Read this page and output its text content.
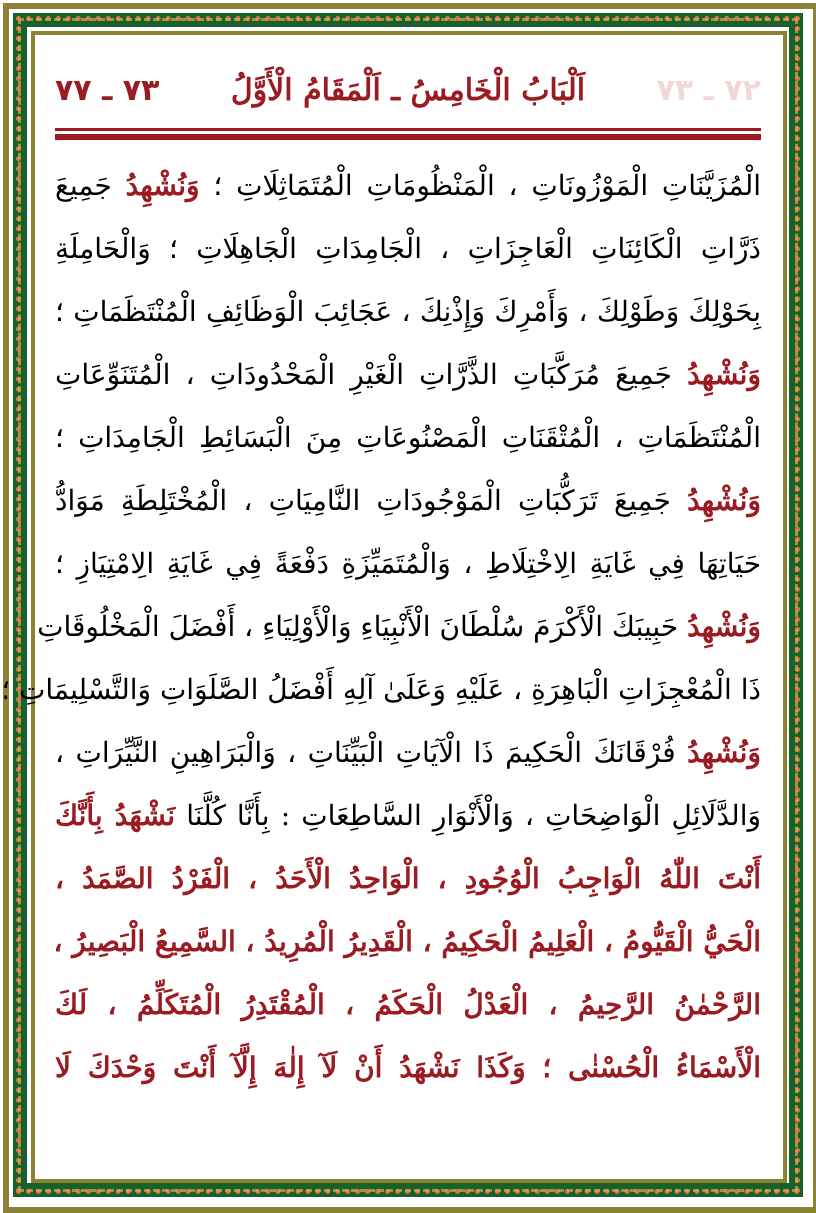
٧٢ ـ ٧٣
اَلْبَابُ الْخَامِسُ ـ اَلْمَقَامُ الْأَوَّلُ
٧٣ ـ ٧٧
الْمُزَيَّنَاتِ الْمَوْزُونَاتِ ، الْمَنْظُومَاتِ الْمُتَمَاثِلَاتِ ؛ وَنُشْهِدُ جَمِيعَ
ذَرَّاتِ الْكَائِنَاتِ الْعَاجِزَاتِ ، الْجَامِدَاتِ الْجَاهِلَاتِ ؛ وَالْحَامِلَةِ
بِحَوْلِكَ وَطَوْلِكَ ، وَأَمْرِكَ وَإِذْنِكَ ، عَجَائِبَ الْوَظَائِفِ الْمُنْتَظَمَاتِ ؛
وَنُشْهِدُ جَمِيعَ مُرَكَّبَاتِ الذَّرَّاتِ الْغَيْرِ الْمَحْدُودَاتِ ، الْمُتَنَوِّعَاتِ
الْمُنْتَظَمَاتِ ، الْمُتْقَنَاتِ الْمَصْنُوعَاتِ مِنَ الْبَسَائِطِ الْجَامِدَاتِ ؛
وَنُشْهِدُ جَمِيعَ تَرَكُّبَاتِ الْمَوْجُودَاتِ النَّامِيَاتِ ، الْمُخْتَلِطَةِ مَوَادُّ
حَيَاتِهَا فِي غَايَةِ الِاخْتِلَاطِ ، وَالْمُتَمَيِّزَةِ دَفْعَةً فِي غَايَةِ الِامْتِيَازِ ؛
وَنُشْهِدُ حَبِيبَكَ الْأَكْرَمَ سُلْطَانَ الْأَنْبِيَاءِ وَالْأَوْلِيَاءِ ، أَفْضَلَ الْمَخْلُوقَاتِ
ذَا الْمُعْجِزَاتِ الْبَاهِرَةِ ، عَلَيْهِ وَعَلَىٰ آلِهِ أَفْضَلُ الصَّلَوَاتِ وَالتَّسْلِيمَاتِ ؛
وَنُشْهِدُ فُرْقَانَكَ الْحَكِيمَ ذَا الْآيَاتِ الْبَيِّنَاتِ ، وَالْبَرَاهِينِ النَّيِّرَاتِ ،
وَالدَّلَائِلِ الْوَاضِحَاتِ ، وَالْأَنْوَارِ السَّاطِعَاتِ : بِأَنَّا كُلَّنَا نَشْهَدُ بِأَنَّكَ
أَنْتَ اللّٰهُ الْوَاجِبُ الْوُجُودِ ، الْوَاحِدُ الْأَحَدُ ، الْفَرْدُ الصَّمَدُ ،
الْحَيُّ الْقَيُّومُ ، الْعَلِيمُ الْحَكِيمُ ، الْقَدِيرُ الْمُرِيدُ ، السَّمِيعُ الْبَصِيرُ ،
الرَّحْمٰنُ الرَّحِيمُ ، الْعَدْلُ الْحَكَمُ ، الْمُقْتَدِرُ الْمُتَكَلِّمُ ، لَكَ
الْأَسْمَاءُ الْحُسْنٰى ؛ وَكَذَا نَشْهَدُ أَنْ لَآ إِلٰهَ إِلَّآ أَنْتَ وَحْدَكَ لَا
